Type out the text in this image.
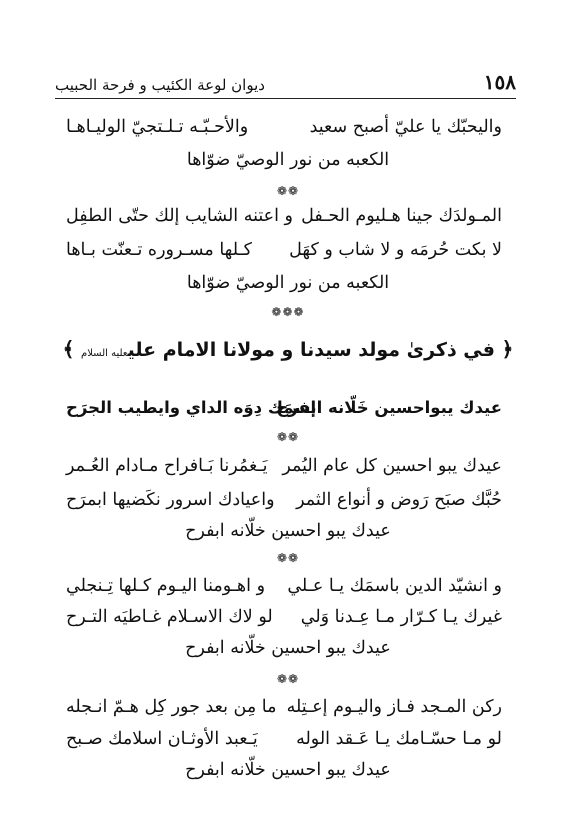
١٥٨
ديوان لوعة الكئيب و فرحة الحبيب
واليحبّك يا عليّ أصبح سعيد
والأحـبّـه تـلـتجيّ الوليـاهـا
الكعبه من نور الوصيّ ضوّاها
❁❁
المـولدَك جينا هـليوم الحـفل
و اعتنه الشايب إلك حتّى الطفِل
لا بكت حُرمَه و لا شاب و كهَل
كـلها مسـروره تـعنّت بـاها
الكعبه من نور الوصيّ ضوّاها
❁❁❁
﴿ في ذكرىٰ مولد سيدنا و مولانا الامام عليعليه السلام ﴾
عيدك يبواحسين خَلّانه ابفرح
إسمَك دِوَه الداي وايطيب الجرَح
❁❁
عيدك يبو احسين كل عام اليُمر
يَـغمُرنا بَـافراح مـادام العُـمر
حُبَّك صبَح رَوض و أنواع الثمر
واعيادك اسرور نكَضيها ابمرَح
عيدك يبو احسين خلّانه ابفرح
❁❁
و انشيّد الدين باسمَك يـا عـلي
و اهـومنا اليـوم كـلها تِـنجلي
غيرك يـا كـرّار مـا عِـدنا وَلي
لو لاك الاسـلام غـاطيَه التـرح
عيدك يبو احسين خلّانه ابفرح
❁❁
ركن المـجد فـاز واليـوم إعـتِله
ما مِن بعد جور كِل هـمّ انـجله
لو مـا حسّـامك يـا عَـقد الوله
يَـعبد الأوثـان اسلامك صـبح
عيدك يبو احسين خلّانه ابفرح
